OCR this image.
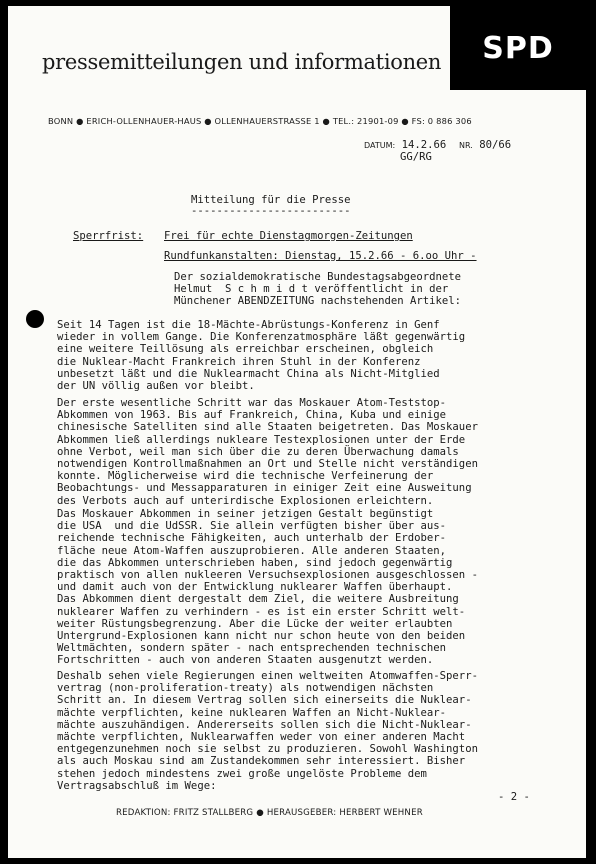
pressemitteilungen und informationen	SPD
BONN ● ERICH-OLLENHAUER-HAUS ● OLLENHAUERSTRASSE 1 ● TEL.: 21901-09 ● FS: 0 886 306
DATUM: 14.2.66 NR. 80/66
GG/RG
Mitteilung für die Presse
-------------------------
Sperrfrist: Frei für echte Dienstagmorgen-Zeitungen
Rundfunkanstalten: Dienstag, 15.2.66 - 6.oo Uhr -
Der sozialdemokratische Bundestagsabgeordnete
Helmut  S c h m i d t veröffentlicht in der
Münchener ABENDZEITUNG nachstehenden Artikel:
Seit 14 Tagen ist die 18-Mächte-Abrüstungs-Konferenz in Genf
wieder in vollem Gange. Die Konferenzatmosphäre läßt gegenwärtig
eine weitere Teillösung als erreichbar erscheinen, obgleich
die Nuklear-Macht Frankreich ihren Stuhl in der Konferenz
unbesetzt läßt und die Nuklearmacht China als Nicht-Mitglied
der UN völlig außen vor bleibt.
Der erste wesentliche Schritt war das Moskauer Atom-Teststop-
Abkommen von 1963. Bis auf Frankreich, China, Kuba und einige
chinesische Satelliten sind alle Staaten beigetreten. Das Moskauer
Abkommen ließ allerdings nukleare Testexplosionen unter der Erde
ohne Verbot, weil man sich über die zu deren Überwachung damals
notwendigen Kontrollmaßnahmen an Ort und Stelle nicht verständigen
konnte. Möglicherweise wird die technische Verfeinerung der
Beobachtungs- und Messapparaturen in einiger Zeit eine Ausweitung
des Verbots auch auf unterirdische Explosionen erleichtern.
Das Moskauer Abkommen in seiner jetzigen Gestalt begünstigt
die USA  und die UdSSR. Sie allein verfügten bisher über aus-
reichende technische Fähigkeiten, auch unterhalb der Erdober-
fläche neue Atom-Waffen auszuprobieren. Alle anderen Staaten,
die das Abkommen unterschrieben haben, sind jedoch gegenwärtig
praktisch von allen nukleeren Versuchsexplosionen ausgeschlossen -
und damit auch von der Entwicklung nuklearer Waffen überhaupt.
Das Abkommen dient dergestalt dem Ziel, die weitere Ausbreitung
nuklearer Waffen zu verhindern - es ist ein erster Schritt welt-
weiter Rüstungsbegrenzung. Aber die Lücke der weiter erlaubten
Untergrund-Explosionen kann nicht nur schon heute von den beiden
Weltmächten, sondern später - nach entsprechenden technischen
Fortschritten - auch von anderen Staaten ausgenutzt werden.
Deshalb sehen viele Regierungen einen weltweiten Atomwaffen-Sperr-
vertrag (non-proliferation-treaty) als notwendigen nächsten
Schritt an. In diesem Vertrag sollen sich einerseits die Nuklear-
mächte verpflichten, keine nuklearen Waffen an Nicht-Nuklear-
mächte auszuhändigen. Andererseits sollen sich die Nicht-Nuklear-
mächte verpflichten, Nuklearwaffen weder von einer anderen Macht
entgegenzunehmen noch sie selbst zu produzieren. Sowohl Washington
als auch Moskau sind am Zustandekommen sehr interessiert. Bisher
stehen jedoch mindestens zwei große ungelöste Probleme dem
Vertragsabschluß im Wege:
- 2 -
REDAKTION: FRITZ STALLBERG ● HERAUSGEBER: HERBERT WEHNER
